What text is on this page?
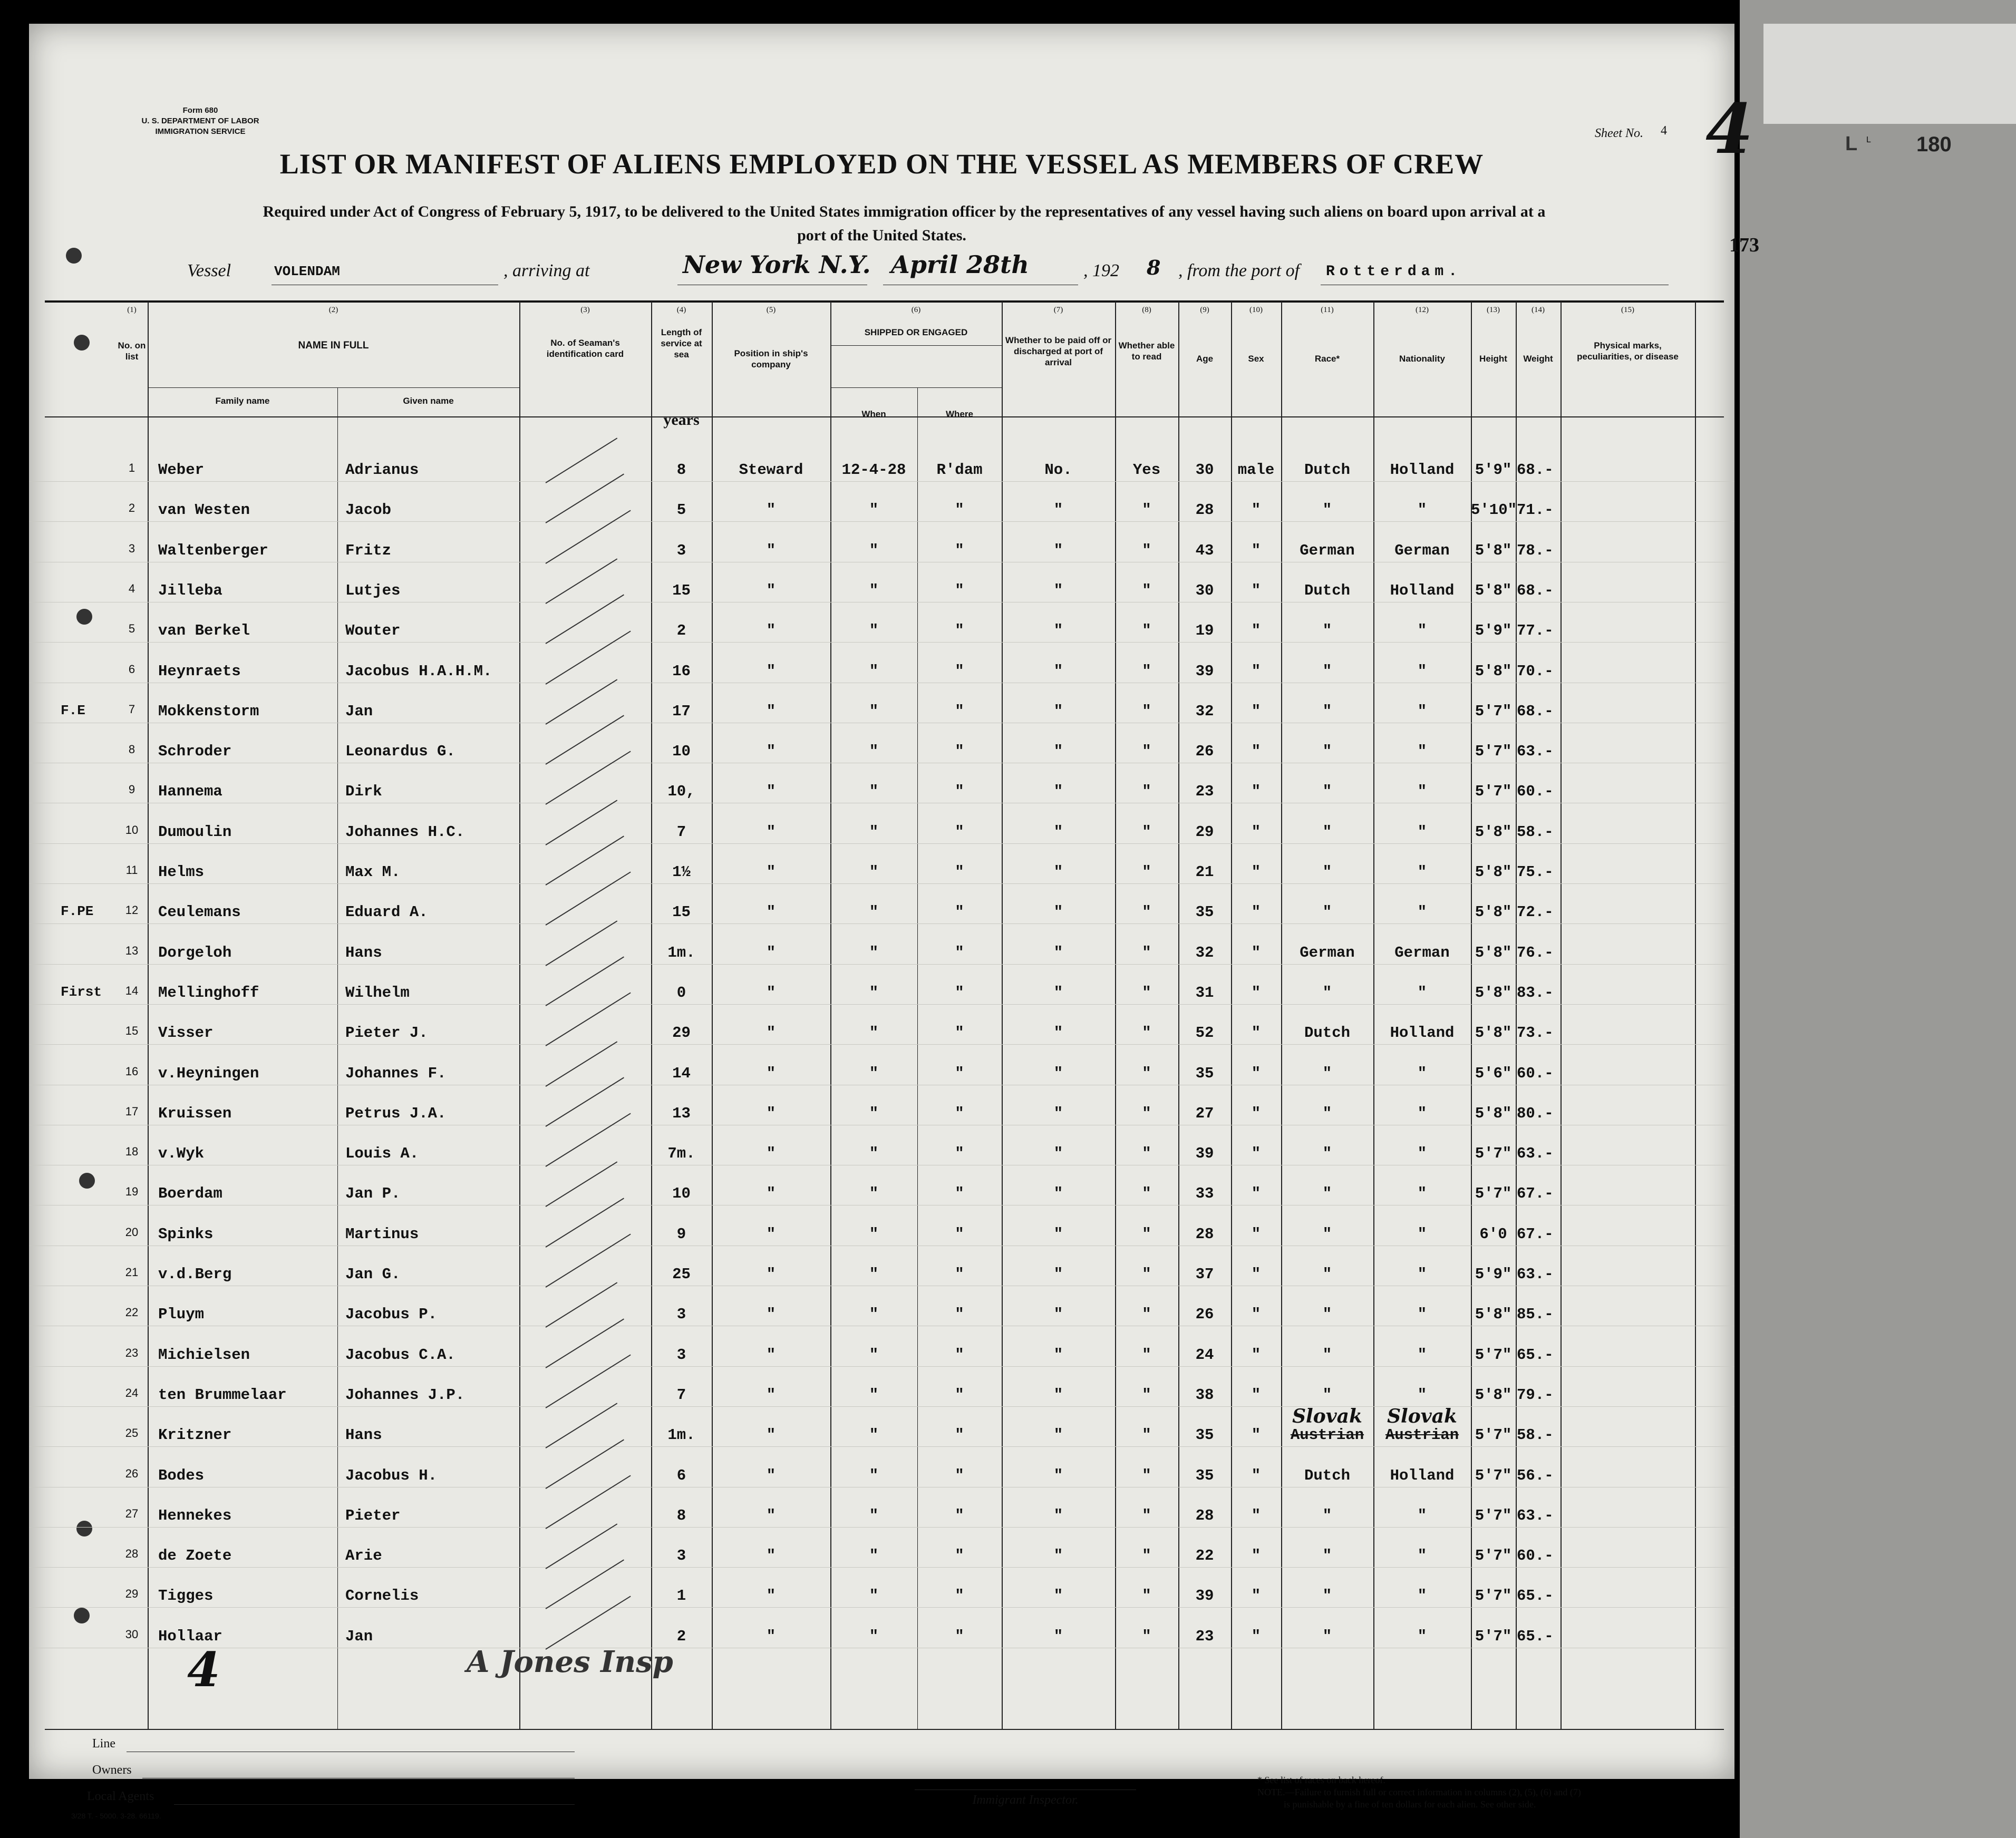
L
L	180
Form 680
U. S. DEPARTMENT OF LABOR
IMMIGRATION SERVICE	Sheet No. 4 4
LIST OR MANIFEST OF ALIENS EMPLOYED ON THE VESSEL AS MEMBERS OF CREW
Required under Act of Congress of February 5, 1917, to be delivered to the United States immigration officer by the representatives of any vessel having such aliens on board upon arrival at a
port of the United States.	173
Vessel	VOLENDAM	, arriving at	New York N.Y. April 28th	, 192 8 , from the port of Rotterdam.
(1)	(2)	(3)	(4)	(5)	(6)	(7)	(8)	(9)	(10)	(11)	(12)	(13)	(14)	(15)
No. on list
NAME IN FULL
Family name	Given name
No. of Seaman's identification card
Length of service at sea
years
Position in ship's company
SHIPPED OR ENGAGED
When	Where
Whether to be paid off or discharged at port of arrival
Whether able to read	Age	Sex	Race*	Nationality	Height	Weight
Physical marks, peculiarities, or disease
1	Weber	Adrianus	8	Steward	12-4-28	R'dam	No.	Yes	30	male	Dutch	Holland	5'9" 68.-
2	van Westen	Jacob	5	"	"	"	"	"	28	"	"	"	5'10" 71.-
3	Waltenberger	Fritz	3	"	"	"	"	"	43	"	German	German	5'8" 78.-
4	Jilleba	Lutjes	15	"	"	"	"	"	30	"	Dutch	Holland	5'8" 68.-
5	van Berkel	Wouter	2	"	"	"	"	"	19	"	"	"	5'9" 77.-
6	Heynraets	Jacobus H.A.H.M.	16	"	"	"	"	"	39	"	"	"	5'8" 70.-
F.E	7	Mokkenstorm	Jan	17	"	"	"	"	"	32	"	"	"	5'7" 68.-
8	Schroder	Leonardus G.	10	"	"	"	"	"	26	"	"	"	5'7" 63.-
9	Hannema	Dirk	10,	"	"	"	"	"	23	"	"	"	5'7" 60.-
10	Dumoulin	Johannes H.C.	7	"	"	"	"	"	29	"	"	"	5'8" 58.-
11	Helms	Max M.	1½	"	"	"	"	"	21	"	"	"	5'8" 75.-
F.PE	12	Ceulemans	Eduard A.	15	"	"	"	"	"	35	"	"	"	5'8" 72.-
13	Dorgeloh	Hans	1m.	"	"	"	"	"	32	"	German	German	5'8" 76.-
First	14	Mellinghoff	Wilhelm	0	"	"	"	"	"	31	"	"	"	5'8" 83.-
15	Visser	Pieter J.	29	"	"	"	"	"	52	"	Dutch	Holland	5'8" 73.-
16	v.Heyningen	Johannes F.	14	"	"	"	"	"	35	"	"	"	5'6" 60.-
17	Kruissen	Petrus J.A.	13	"	"	"	"	"	27	"	"	"	5'8" 80.-
18	v.Wyk	Louis A.	7m.	"	"	"	"	"	39	"	"	"	5'7" 63.-
19	Boerdam	Jan P.	10	"	"	"	"	"	33	"	"	"	5'7" 67.-
20	Spinks	Martinus	9	"	"	"	"	"	28	"	"	"	6'0 67.-
21	v.d.Berg	Jan G.	25	"	"	"	"	"	37	"	"	"	5'9" 63.-
22	Pluym	Jacobus P.	3	"	"	"	"	"	26	"	"	"	5'8" 85.-
23	Michielsen	Jacobus C.A.	3	"	"	"	"	"	24	"	"	"	5'7" 65.-
24	ten Brummelaar	Johannes J.P.	7	"	"	"	"	"	38	"	"	"	5'8" 79.-
25	Kritzner	Hans	1m.	"	"	"	"	"	35	"	Austrian	Austrian	5'7" 58.-
Slovak	Slovak
26	Bodes	Jacobus H.	6	"	"	"	"	"	35	"	Dutch	Holland	5'7" 56.-
27	Hennekes	Pieter	8	"	"	"	"	"	28	"	"	"	5'7" 63.-
28	de Zoete	Arie	3	"	"	"	"	"	22	"	"	"	5'7" 60.-
29	Tigges	Cornelis	1	"	"	"	"	"	39	"	"	"	5'7" 65.-
30	Hollaar	Jan	2	"	"	"	"	"	23	"	"	"	5'7" 65.-
4	A Jones Insp
Line
Owners
Local Agents
3/28 T. - 5000. 3-28. 66119.
Immigrant Inspector.
* See list of races on back hereof.
NOTE.—Failure to furnish full or correct information in columns (2), (5), (6) and (7)
is punishable by a fine of ten dollars for each alien. See other side.
